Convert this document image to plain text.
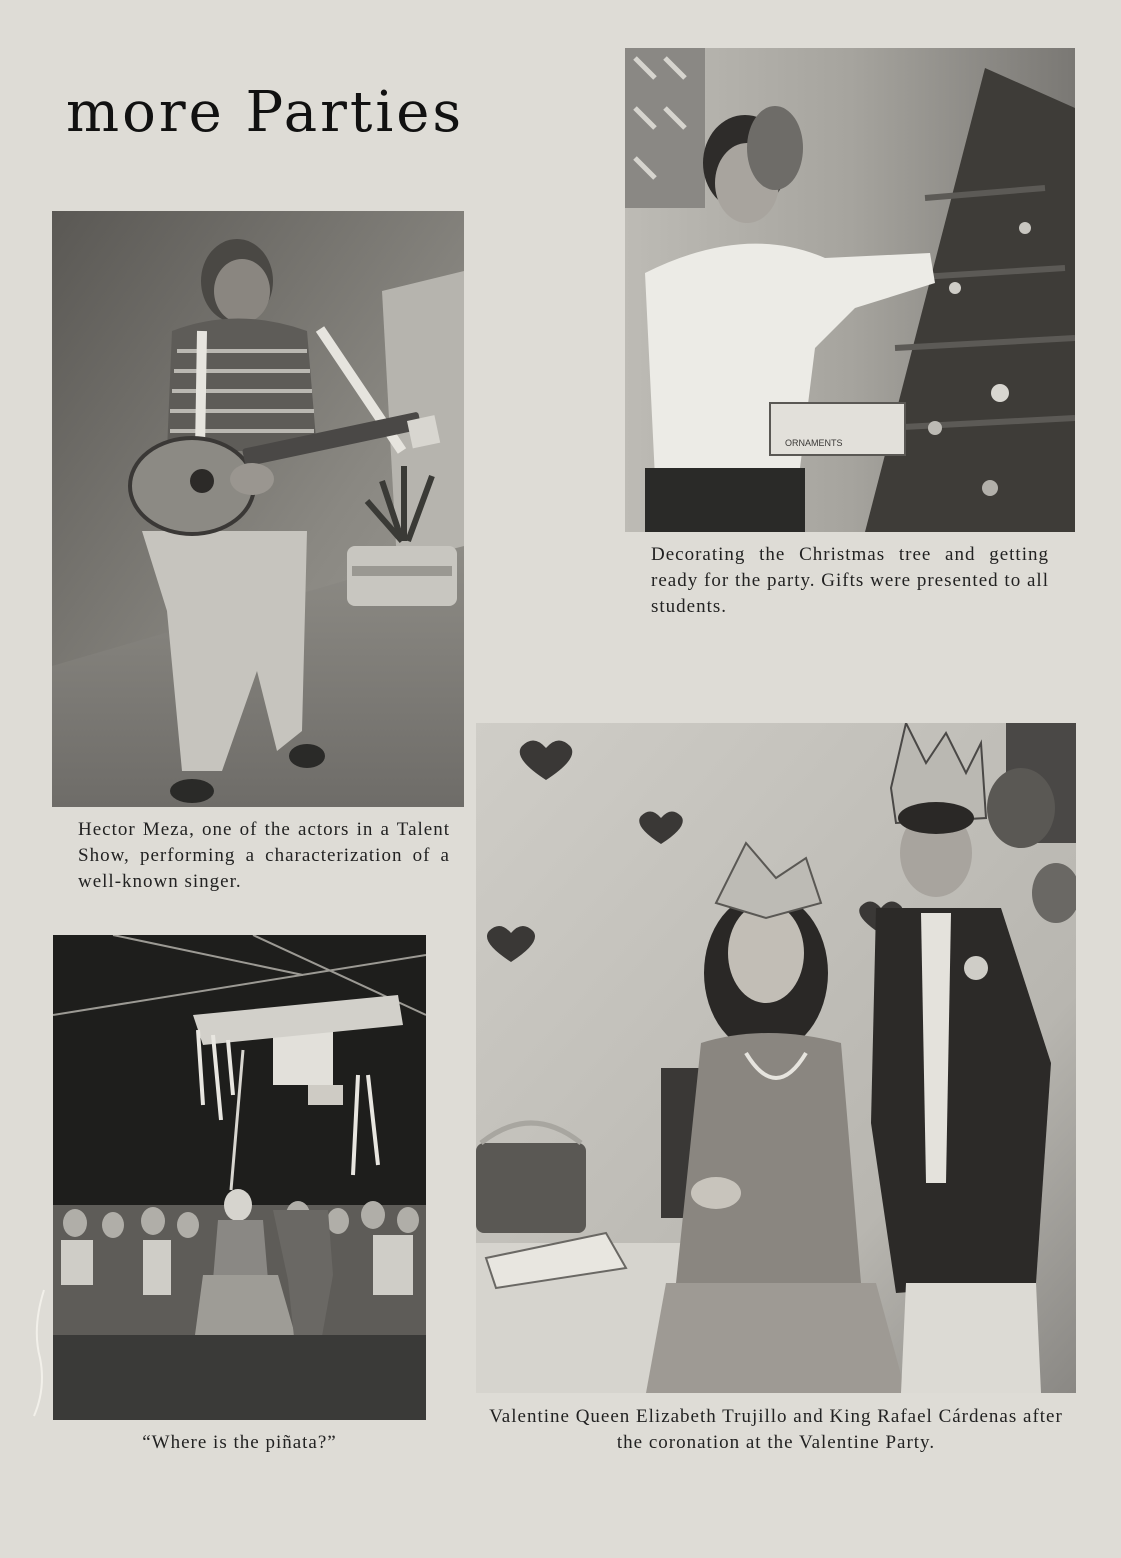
more Parties
Hector Meza, one of the actors in a Talent Show, performing a characterization of a well-known singer.
ORNAMENTS
Decorating the Christmas tree and getting ready for the party. Gifts were presented to all students.
“Where is the piñata?”
Valentine Queen Elizabeth Trujillo and King Rafael Cárdenas after the coronation at the Valentine Party.
